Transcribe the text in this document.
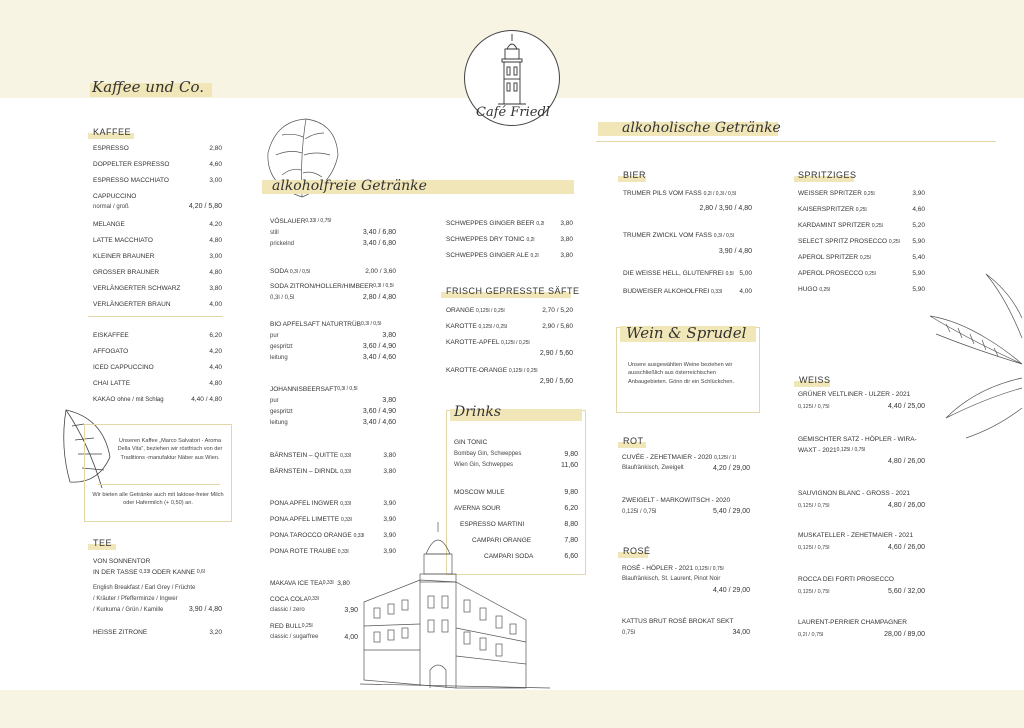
Café Friedl
Kaffee und Co.
KAFFEE
ESPRESSO	2,80
DOPPELTER ESPRESSO	4,60
ESPRESSO MACCHIATO	3,00
CAPPUCCINO
normal / groß	4,20 / 5,80
MELANGE	4,20
LATTE MACCHIATO	4,80
KLEINER BRAUNER	3,00
GROSSER BRAUNER	4,80
VERLÄNGERTER SCHWARZ	3,80
VERLÄNGERTER BRAUN	4,00
EISKAFFEE	6,20
AFFOGATO	4,20
ICED CAPPUCCINO	4,40
CHAI LATTE	4,80
KAKAO ohne / mit Schlag	4,40 / 4,80
Unseren Kaffee „Marco Salvatori - Aroma Della Vita", beziehen wir röstfrisch von der Traditions -manufaktur Näber aus Wien.
Wir bieten alle Getränke auch mit laktose-freier Milch oder Hafermilch (+ 0,50) an.
TEE
VON SONNENTOR
IN DER TASSE
0,33l
ODER KANNE
0,6l
English Breakfast / Earl Grey / Früchte
/ Kräuter / Pfefferminze / Ingwer
/ Kurkuma / Grün / Kamille	3,90 / 4,80
HEISSE ZITRONE	3,20
alkoholfreie Getränke
VÖSLAUER 0,33l / 0,75l
still	3,40 / 6,80
prickelnd	3,40 / 6,80
SODA 0,3l / 0,5l	2,00 / 3,60
SODA ZITRON/HOLLER/HIMBEER 0,3l / 0,5l
0,3l / 0,5l	2,80 / 4,80
BIO APFELSAFT NATURTRÜB 0,3l / 0,5l
pur	3,80
gespritzt	3,60 / 4,90
leitung	3,40 / 4,60
JOHANNISBEERSAFT 0,3l / 0,5l
pur	3,80
gespritzt	3,60 / 4,90
leitung	3,40 / 4,60
BÄRNSTEIN – QUITTE 0,33l	3,80
BÄRNSTEIN – DIRNDL 0,33l	3,80
PONA APFEL INGWER 0,33l	3,90
PONA APFEL LIMETTE 0,33l	3,90
PONA TAROCCO ORANGE 0,33l	3,90
PONA ROTE TRAUBE 0,33l	3,90
MAKAVA ICE TEA 0,33l
3,80
COCA COLA 0,33l
classic / zero	3,90
RED BULL 0,25l
classic / sugarfree	4,00
SCHWEPPES GINGER BEER 0,2l 3,80
SCHWEPPES DRY TONIC 0,2l	3,80
SCHWEPPES GINGER ALE 0,2l	3,80
FRISCH GEPRESSTE SÄFTE
ORANGE 0,125l / 0,25l	2,70 / 5,20
KAROTTE 0,125l / 0,25l	2,90 / 5,60
KAROTTE-APFEL 0,125l / 0,25l
2,90 / 5,60
KAROTTE-ORANGE 0,125l / 0,25l
2,90 / 5,60
Drinks
GIN TONIC
Bombay Gin, Schweppes	9,80
Wien Gin, Schweppes	11,60
MOSCOW MULE	9,80
AVERNA SOUR	6,20
ESPRESSO MARTINI	8,80
CAMPARI ORANGE	7,80
CAMPARI SODA	6,60
alkoholische Getränke
BIER
TRUMER PILS VOM FASS 0,2l / 0,3l / 0,5l
2,80 / 3,90 / 4,80
TRUMER ZWICKL VOM FASS 0,3l / 0,5l
3,90 / 4,80
DIE WEISSE HELL, GLUTENFREI 0,5l 5,00
BUDWEISER ALKOHOLFREI 0,33l	4,00
SPRITZIGES
WEISSER SPRITZER 0,25l	3,90
KAISERSPRITZER 0,25l	4,60
KARDAMINT SPRITZER 0,25l	5,20
SELECT SPRITZ PROSECCO 0,25l 5,90
APEROL SPRITZER 0,25l	5,40
APEROL PROSECCO 0,25l	5,90
HUGO 0,25l	5,90
Wein & Sprudel
Unsere ausgewählten Weine beziehen wir ausschließlich aus österreichischen Anbaugebieten. Gönn dir ein Schlückchen.
ROT
CUVÉE - ZEHETMAIER - 2020 0,125l / 1l
Blaufränkisch, Zweigelt	4,20 / 29,00
ZWEIGELT - MARKOWITSCH - 2020
0,125l / 0,75l	5,40 / 29,00
ROSÉ
ROSÉ - HÖPLER - 2021 0,125l / 0,75l
Blaufränkisch, St. Laurent, Pinot Noir
4,40 / 29,00
KATTUS BRUT ROSÉ BROKAT SEKT
0,75l	34,00
WEISS
GRÜNER VELTLINER - ULZER - 2021
0,125l / 0,75l	4,40 / 25,00
GEMISCHTER SATZ - HÖPLER - WIRA-
WAXT - 2021 0,125l / 0,75l
4,80 / 26,00
SAUVIGNON BLANC - GROSS - 2021
0,125l / 0,75l	4,80 / 26,00
MUSKATELLER - ZEHETMAIER - 2021
0,125l / 0,75l	4,60 / 26,00
ROCCA DEI FORTI PROSECCO
0,125l / 0,75l	5,60 / 32,00
LAURENT-PERRIER CHAMPAGNER
0,2l / 0,75l	28,00 / 89,00
